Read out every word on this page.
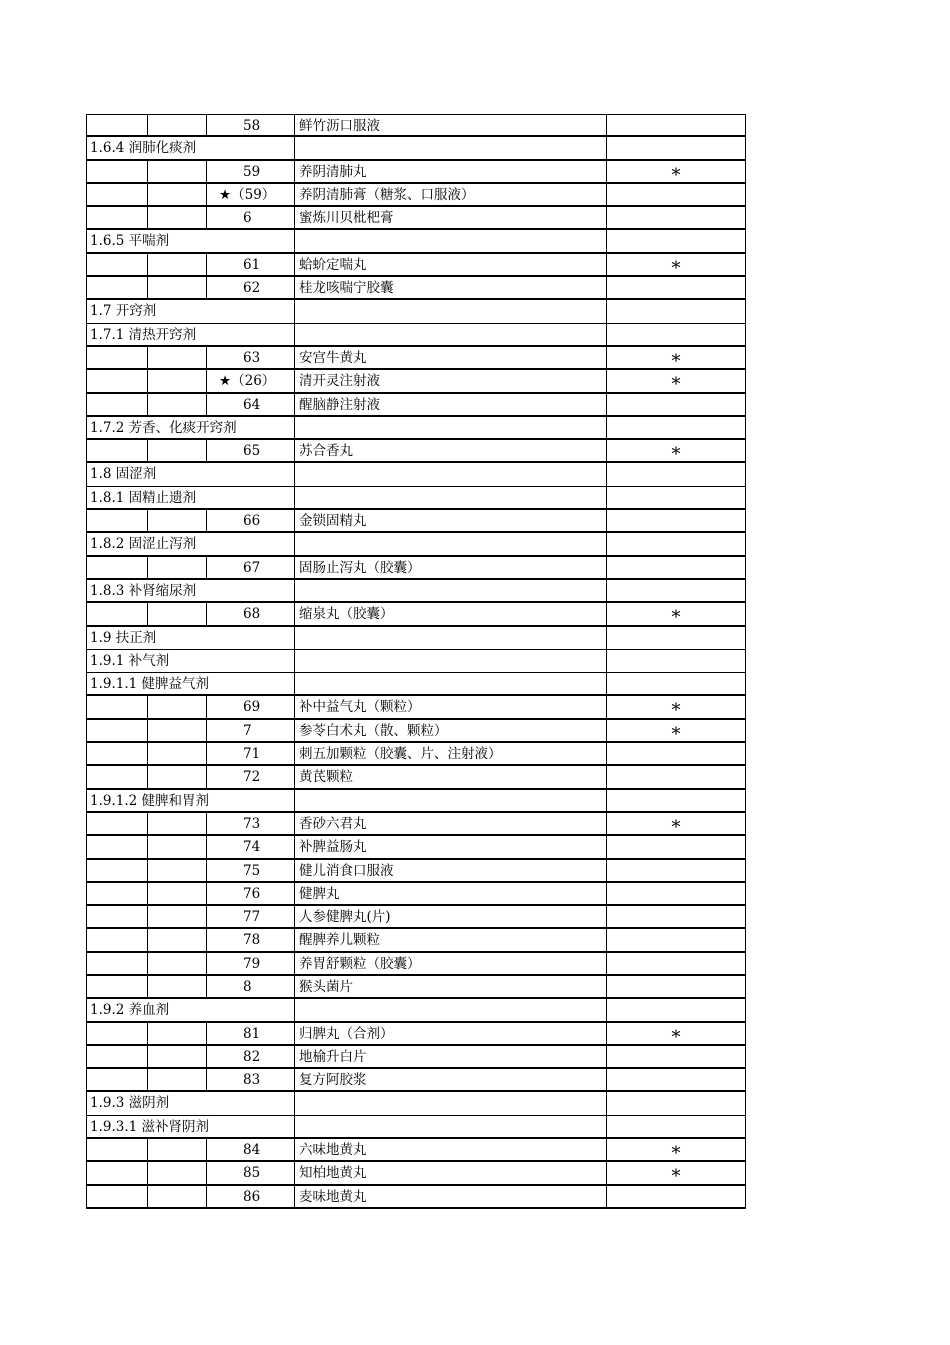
58	鲜竹沥口服液
1.6.4 润肺化痰剂
59	养阴清肺丸	*
★（59）	养阴清肺膏（糖浆、口服液）
6	蜜炼川贝枇杷膏
1.6.5 平喘剂
61	蛤蚧定喘丸	*
62	桂龙咳喘宁胶囊
1.7 开窍剂
1.7.1 清热开窍剂
63	安宫牛黄丸	*
★（26）	清开灵注射液	*
64	醒脑静注射液
1.7.2 芳香、化痰开窍剂
65	苏合香丸	*
1.8 固涩剂
1.8.1 固精止遗剂
66	金锁固精丸
1.8.2 固涩止泻剂
67	固肠止泻丸（胶囊）
1.8.3 补肾缩尿剂
68	缩泉丸（胶囊）	*
1.9 扶正剂
1.9.1 补气剂
1.9.1.1 健脾益气剂
69	补中益气丸（颗粒）	*
7	参苓白术丸（散、颗粒）	*
71	刺五加颗粒（胶囊、片、注射液）
72	黄芪颗粒
1.9.1.2 健脾和胃剂
73	香砂六君丸	*
74	补脾益肠丸
75	健儿消食口服液
76	健脾丸
77	人参健脾丸(片)
78	醒脾养儿颗粒
79	养胃舒颗粒（胶囊）
8	猴头菌片
1.9.2 养血剂
81	归脾丸（合剂）	*
82	地榆升白片
83	复方阿胶浆
1.9.3 滋阴剂
1.9.3.1 滋补肾阴剂
84	六味地黄丸	*
85	知柏地黄丸	*
86	麦味地黄丸
